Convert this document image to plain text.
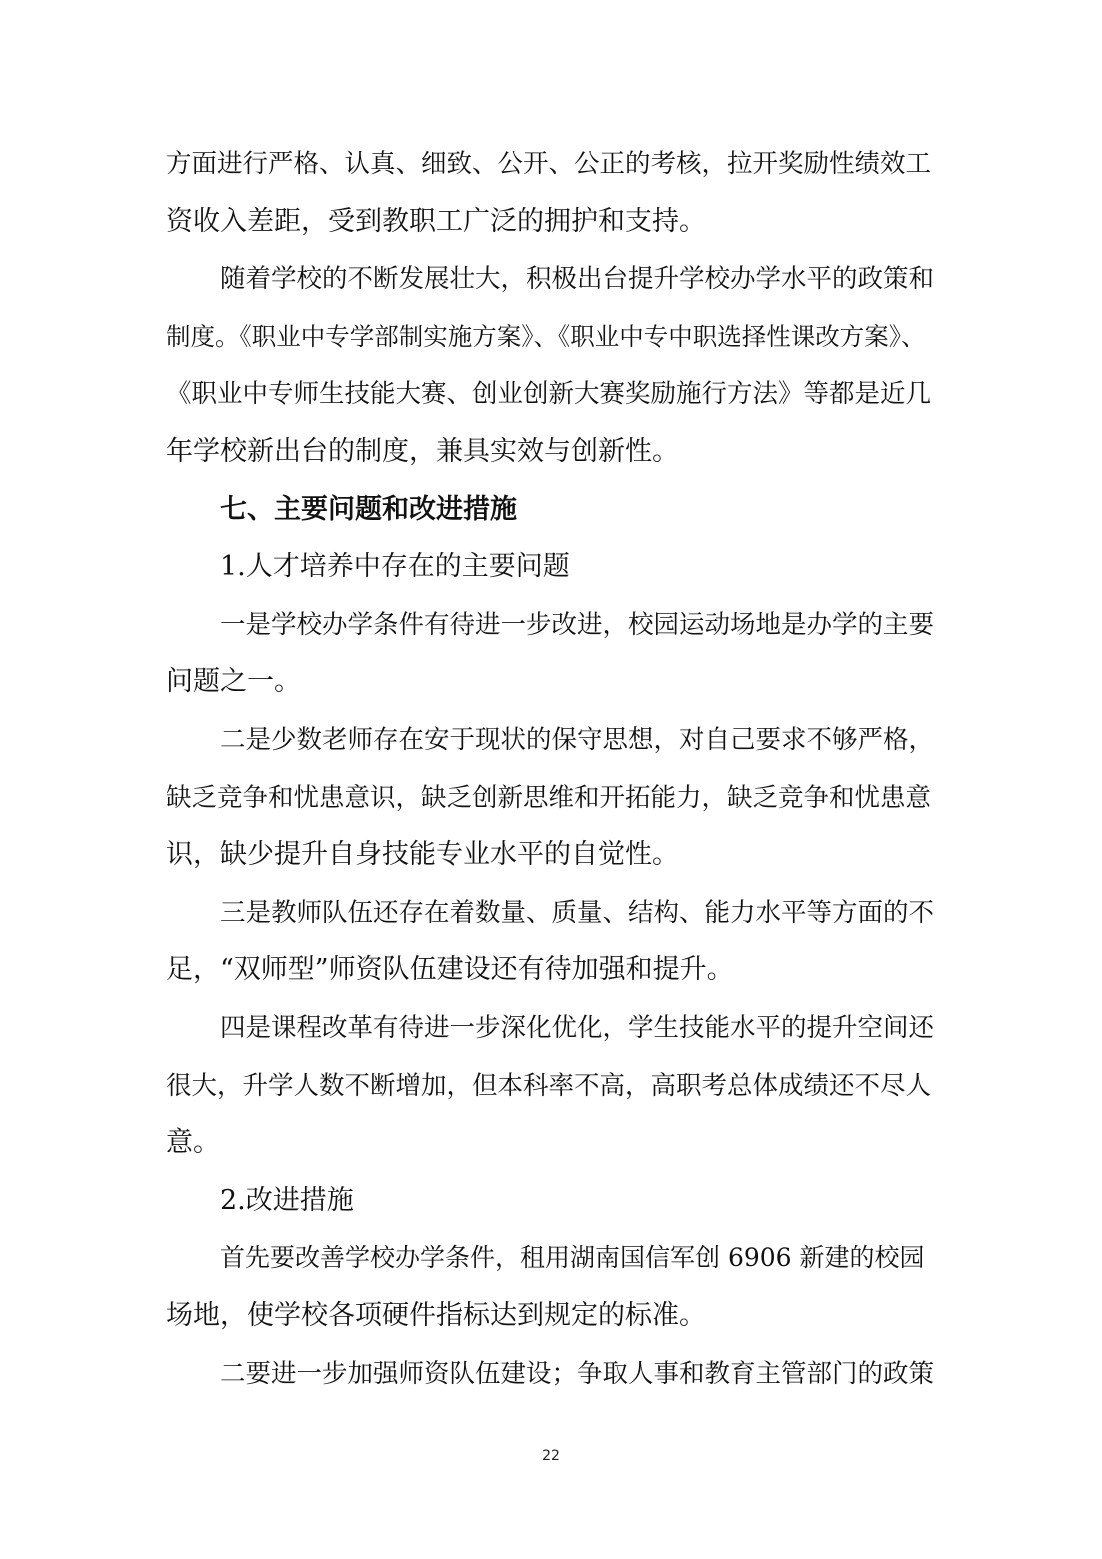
方面进行严格、认真、细致、公开、公正的考核，拉开奖励性绩效工
资收入差距，受到教职工广泛的拥护和支持。
随着学校的不断发展壮大，积极出台提升学校办学水平的政策和
制度。《职业中专学部制实施方案》、《职业中专中职选择性课改方案》、
《职业中专师生技能大赛、创业创新大赛奖励施行方法》等都是近几
年学校新出台的制度，兼具实效与创新性。
七、主要问题和改进措施
1.人才培养中存在的主要问题
一是学校办学条件有待进一步改进，校园运动场地是办学的主要
问题之一。
二是少数老师存在安于现状的保守思想，对自己要求不够严格，
缺乏竞争和忧患意识，缺乏创新思维和开拓能力，缺乏竞争和忧患意
识，缺少提升自身技能专业水平的自觉性。
三是教师队伍还存在着数量、质量、结构、能力水平等方面的不
足，“双师型”师资队伍建设还有待加强和提升。
四是课程改革有待进一步深化优化，学生技能水平的提升空间还
很大，升学人数不断增加，但本科率不高，高职考总体成绩还不尽人
意。
2.改进措施
首先要改善学校办学条件，租用湖南国信军创 6906 新建的校园
场地，使学校各项硬件指标达到规定的标准。
二要进一步加强师资队伍建设；争取人事和教育主管部门的政策
22
